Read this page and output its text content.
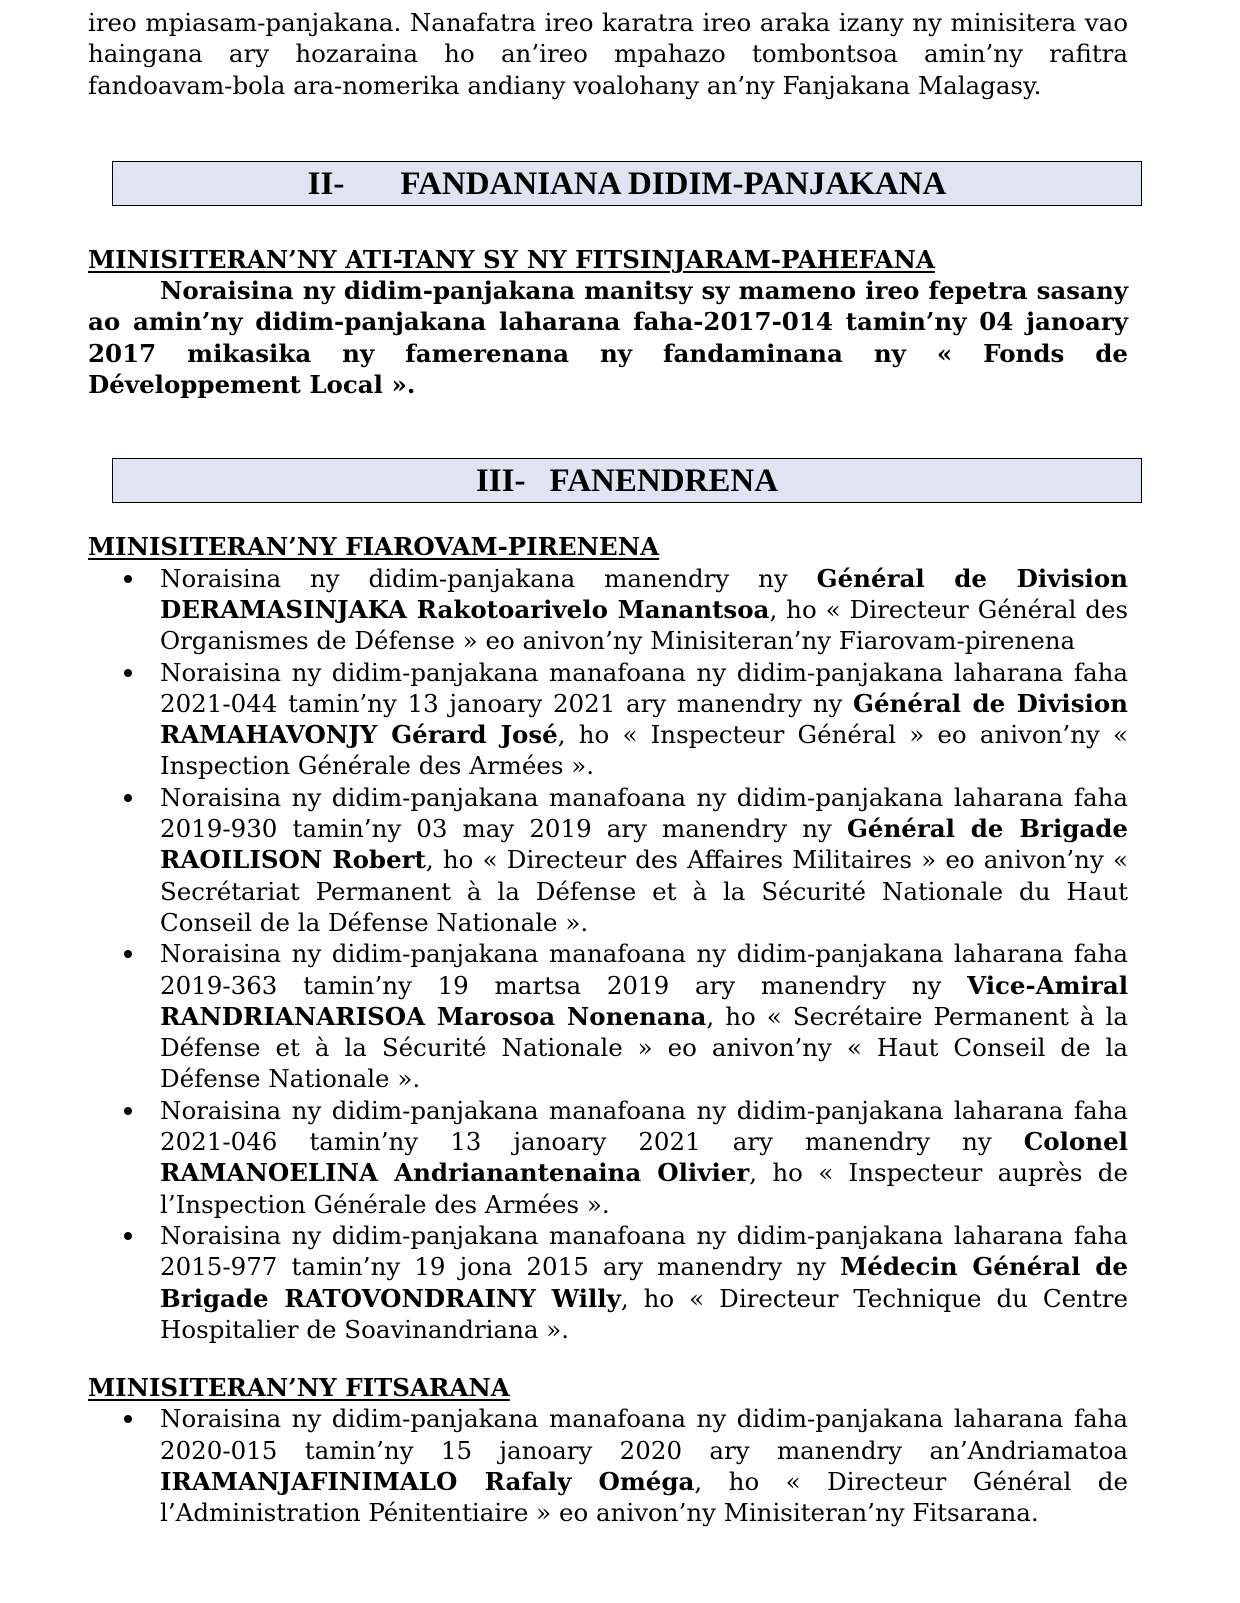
ireo mpiasam-panjakana. Nanafatra ireo karatra ireo araka izany ny minisitera vao haingana ary hozaraina ho an’ireo mpahazo tombontsoa amin’ny rafitra fandoavam-bola ara-nomerika andiany voalohany an’ny Fanjakana Malagasy.

II- FANDANIANA DIDIM-PANJAKANA

MINISITERAN’NY ATI-TANY SY NY FITSINJARAM-PAHEFANA

Noraisina ny didim-panjakana manitsy sy mameno ireo fepetra sasany ao amin’ny didim-panjakana laharana faha-2017-014 tamin’ny 04 janoary 2017 mikasika ny famerenana ny fandaminana ny « Fonds de Développement Local ».

III- FANENDRENA

MINISITERAN’NY FIAROVAM-PIRENENA

Noraisina ny didim-panjakana manendry ny Général de Division DERAMASINJAKA Rakotoarivelo Manantsoa, ho « Directeur Général des Organismes de Défense » eo anivon’ny Minisiteran’ny Fiarovam-pirenena
Noraisina ny didim-panjakana manafoana ny didim-panjakana laharana faha 2021-044 tamin’ny 13 janoary 2021 ary manendry ny Général de Division RAMAHAVONJY Gérard José, ho « Inspecteur Général » eo anivon’ny « Inspection Générale des Armées ».
Noraisina ny didim-panjakana manafoana ny didim-panjakana laharana faha 2019-930 tamin’ny 03 may 2019 ary manendry ny Général de Brigade RAOILISON Robert, ho « Directeur des Affaires Militaires » eo anivon’ny « Secrétariat Permanent à la Défense et à la Sécurité Nationale du Haut Conseil de la Défense Nationale ».
Noraisina ny didim-panjakana manafoana ny didim-panjakana laharana faha 2019-363 tamin’ny 19 martsa 2019 ary manendry ny Vice-Amiral RANDRIANARISOA Marosoa Nonenana, ho « Secrétaire Permanent à la Défense et à la Sécurité Nationale » eo anivon’ny « Haut Conseil de la Défense Nationale ».
Noraisina ny didim-panjakana manafoana ny didim-panjakana laharana faha 2021-046 tamin’ny 13 janoary 2021 ary manendry ny Colonel RAMANOELINA Andrianantenaina Olivier, ho « Inspecteur auprès de l’Inspection Générale des Armées ».
Noraisina ny didim-panjakana manafoana ny didim-panjakana laharana faha 2015-977 tamin’ny 19 jona 2015 ary manendry ny Médecin Général de Brigade RATOVONDRAINY Willy, ho « Directeur Technique du Centre Hospitalier de Soavinandriana ».

MINISITERAN’NY FITSARANA

Noraisina ny didim-panjakana manafoana ny didim-panjakana laharana faha 2020-015 tamin’ny 15 janoary 2020 ary manendry an’Andriamatoa IRAMANJAFINIMALO Rafaly Oméga, ho « Directeur Général de l’Administration Pénitentiaire » eo anivon’ny Minisiteran’ny Fitsarana.
